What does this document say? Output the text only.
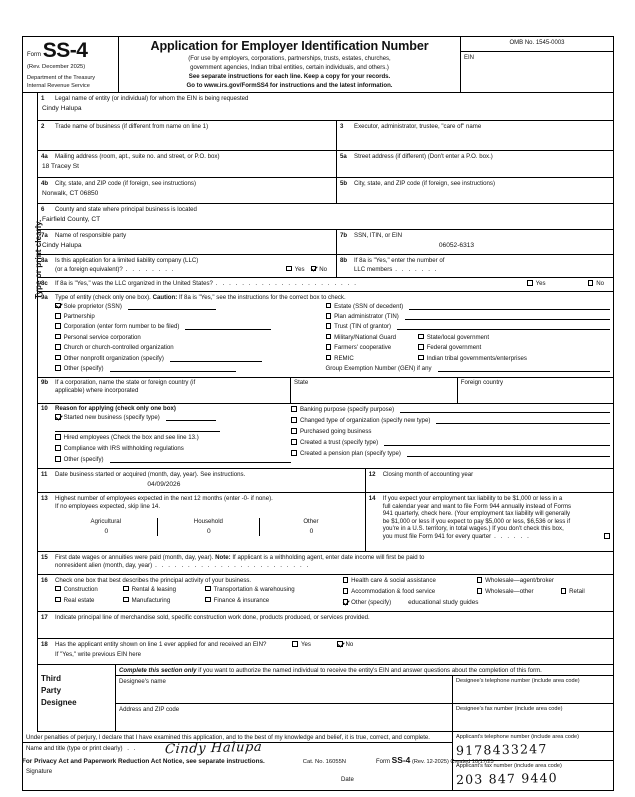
Form SS-4
(Rev. December 2025)
Department of the Treasury
Internal Revenue Service
Application for Employer Identification Number
(For use by employers, corporations, partnerships, trusts, estates, churches,
government agencies, Indian tribal entities, certain individuals, and others.)
See separate instructions for each line. Keep a copy for your records.
Go to www.irs.gov/FormSS4 for instructions and the latest information.
OMB No. 1545-0003
EIN
Type or print clearly.
1	Legal name of entity (or individual) for whom the EIN is being requested
Cindy Halupa
2	Trade name of business (if different from name on line 1)	3	Executor, administrator, trustee, "care of" name
4a	Mailing address (room, apt., suite no. and street, or P.O. box)
18 Tracey St
5a	Street address (if different) (Don't enter a P.O. box.)
4b	City, state, and ZIP code (if foreign, see instructions)
Norwalk, CT 06850
5b	City, state, and ZIP code (if foreign, see instructions)
6	County and state where principal business is located
Fairfield County, CT
7a	Name of responsible party
Cindy Halupa
7b	SSN, ITIN, or EIN
06052-6313
8a	Is this application for a limited liability company (LLC)
(or a foreign equivalent)? . . . . . . . .	Yes No
8b	If 8a is "Yes," enter the number of
LLC members . . . . . . .
8c	If 8a is "Yes," was the LLC organized in the United States? . . . . . . . . . . . . . . . . . . . . . .	Yes	No
9a	Type of entity (check only one box). Caution: If 8a is "Yes," see the instructions for the correct box to check.
Sole proprietor (SSN)
Partnership
Corporation (enter form number to be filed)
Personal service corporation
Church or church-controlled organization
Other nonprofit organization (specify)
Other (specify)
Estate (SSN of decedent)
Plan administrator (TIN)
Trust (TIN of grantor)
Military/National Guard	State/local government
Farmers' cooperative	Federal government
REMIC	Indian tribal governments/enterprises
Group Exemption Number (GEN) if any
9b	If a corporation, name the state or foreign country (if
applicable) where incorporated
State	Foreign country
10	Reason for applying (check only one box)
Started new business (specify type)
Hired employees (Check the box and see line 13.)
Compliance with IRS withholding regulations
Other (specify)
Banking purpose (specify purpose)
Changed type of organization (specify new type)
Purchased going business
Created a trust (specify type)
Created a pension plan (specify type)
11	Date business started or acquired (month, day, year). See instructions.
04/09/2026
12	Closing month of accounting year
13	Highest number of employees expected in the next 12 months (enter -0- if none).
If no employees expected, skip line 14.
Agricultural
0
Household
0
Other
0
14	If you expect your employment tax liability to be $1,000 or less in a
full calendar year and want to file Form 944 annually instead of Forms
941 quarterly, check here. (Your employment tax liability will generally
be $1,000 or less if you expect to pay $5,000 or less, $6,536 or less if
you're in a U.S. territory, in total wages.) If you don't check this box,
you must file Form 941 for every quarter . . . . . .
15	First date wages or annuities were paid (month, day, year). Note: If applicant is a withholding agent, enter date income will first be paid to
nonresident alien (month, day, year) . . . . . . . . . . . . . . . . . . . . . . . .
16	Check one box that best describes the principal activity of your business.
Construction	Rental & leasing	Transportation & warehousing
Real estate	Manufacturing	Finance & insurance
Health care & social assistance	Wholesale—agent/broker
Accommodation & food service	Wholesale—other	Retail
Other (specify)	educational study guides
17	Indicate principal line of merchandise sold, specific construction work done, products produced, or services provided.
18	Has the applicant entity shown on line 1 ever applied for and received an EIN?	Yes	No
If "Yes," write previous EIN here
Third
Party
Designee
Complete this section only if you want to authorize the named individual to receive the entity's EIN and answer questions about the completion of this form.
Designee's name	Designee's telephone number (include area code)
Address and ZIP code	Designee's fax number (include area code)
Under penalties of perjury, I declare that I have examined this application, and to the best of my knowledge and belief, it is true, correct, and complete.
Name and title (type or print clearly) . . Cindy Halupa
Signature
Date
Applicant's telephone number (include area code)
9178433247
Applicant's fax number (include area code)
203 847 9440
For Privacy Act and Paperwork Reduction Act Notice, see separate instructions.	Cat. No. 16055N	Form SS-4 (Rev. 12-2025) Created 10/17/25
